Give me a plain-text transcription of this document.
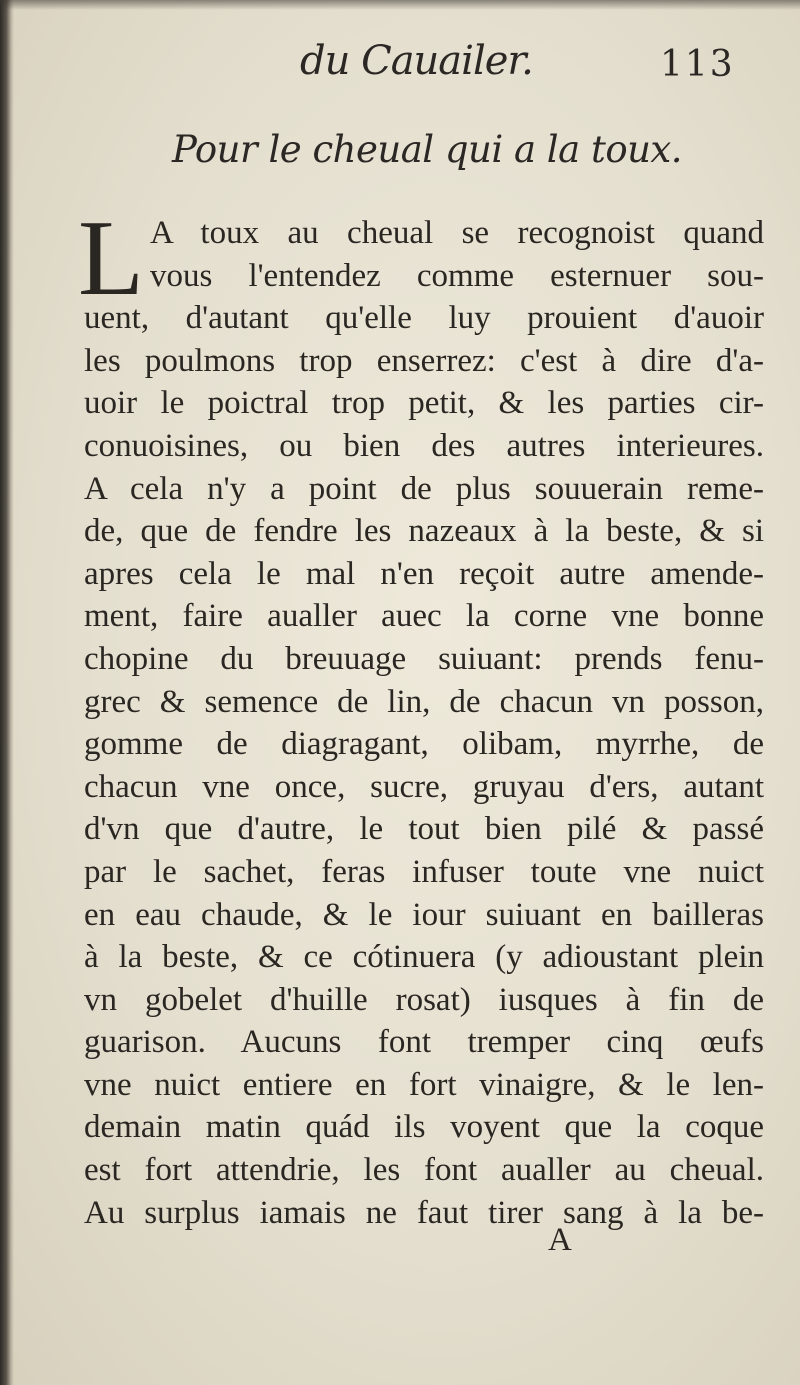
du Cauailer.	113
Pour le cheual qui a la toux.
L A toux au cheual se recognoist quand
vous l'entendez comme esternuer sou-
uent, d'autant qu'elle luy prouient d'auoir
les poulmons trop enserrez: c'est à dire d'a-
uoir le poictral trop petit, & les parties cir-
conuoisines, ou bien des autres interieures.
A cela n'y a point de plus souuerain reme-
de, que de fendre les nazeaux à la beste, & si
apres cela le mal n'en reçoit autre amende-
ment, faire aualler auec la corne vne bonne
chopine du breuuage suiuant: prends fenu-
grec & semence de lin, de chacun vn posson,
gomme de diagragant, olibam, myrrhe, de
chacun vne once, sucre, gruyau d'ers, autant
d'vn que d'autre, le tout bien pilé & passé
par le sachet, feras infuser toute vne nuict
en eau chaude, & le iour suiuant en bailleras
à la beste, & ce cótinuera (y adioustant plein
vn gobelet d'huille rosat) iusques à fin de
guarison. Aucuns font tremper cinq œufs
vne nuict entiere en fort vinaigre, & le len-
demain matin quád ils voyent que la coque
est fort attendrie, les font aualler au cheual.
Au surplus iamais ne faut tirer sang à la be-
A
